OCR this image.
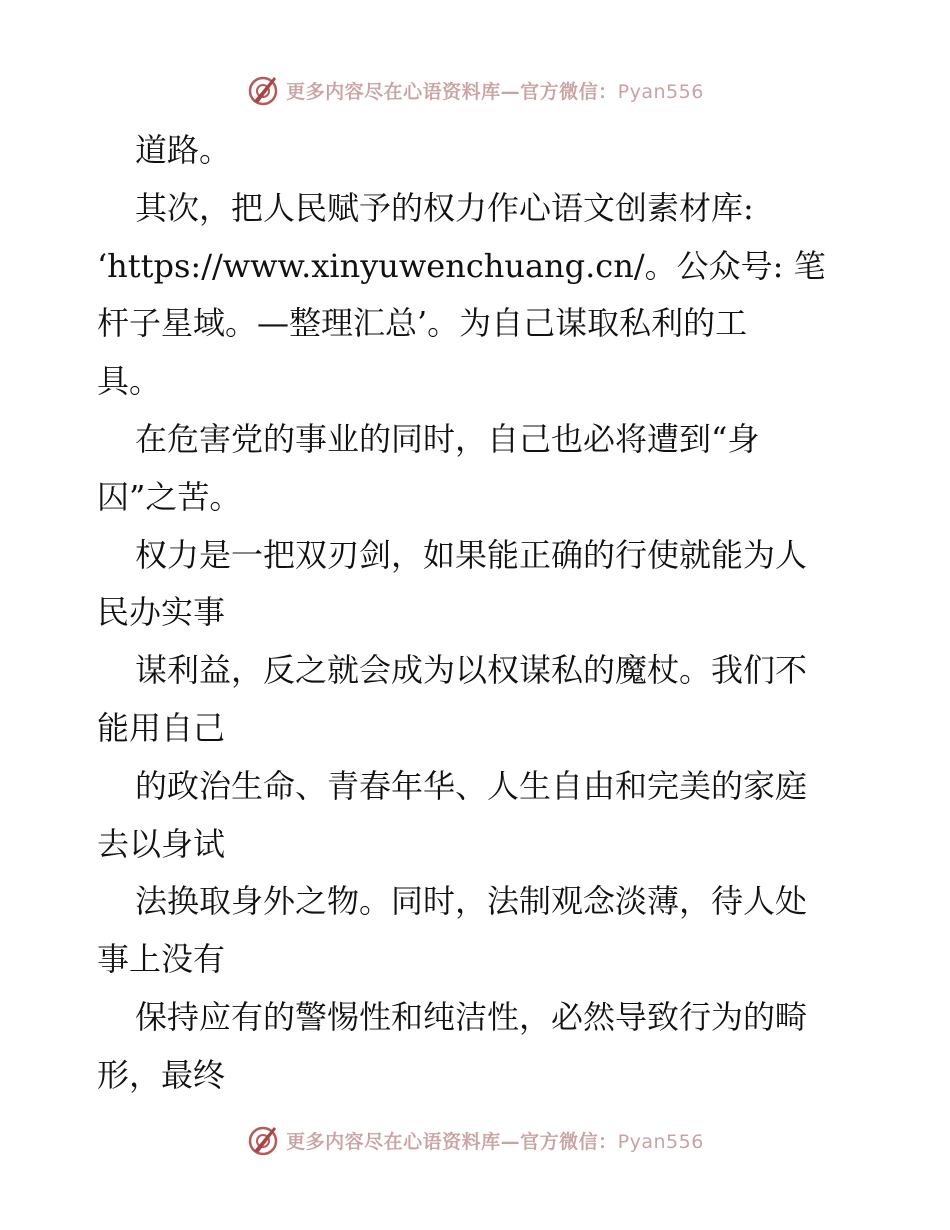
更多内容尽在心语资料库—官方微信：Pyan556
道路。
其次，把人民赋予的权力作心语文创素材库:
‘https://www.xinyuwenchuang.cn/。公众号: 笔
杆子星域。—整理汇总’。为自己谋取私利的工
具。
在危害党的事业的同时，自己也必将遭到“身
囚”之苦。
权力是一把双刃剑，如果能正确的行使就能为人
民办实事
谋利益，反之就会成为以权谋私的魔杖。我们不
能用自己
的政治生命、青春年华、人生自由和完美的家庭
去以身试
法换取身外之物。同时，法制观念淡薄，待人处
事上没有
保持应有的警惕性和纯洁性，必然导致行为的畸
形，最终
更多内容尽在心语资料库—官方微信：Pyan556
